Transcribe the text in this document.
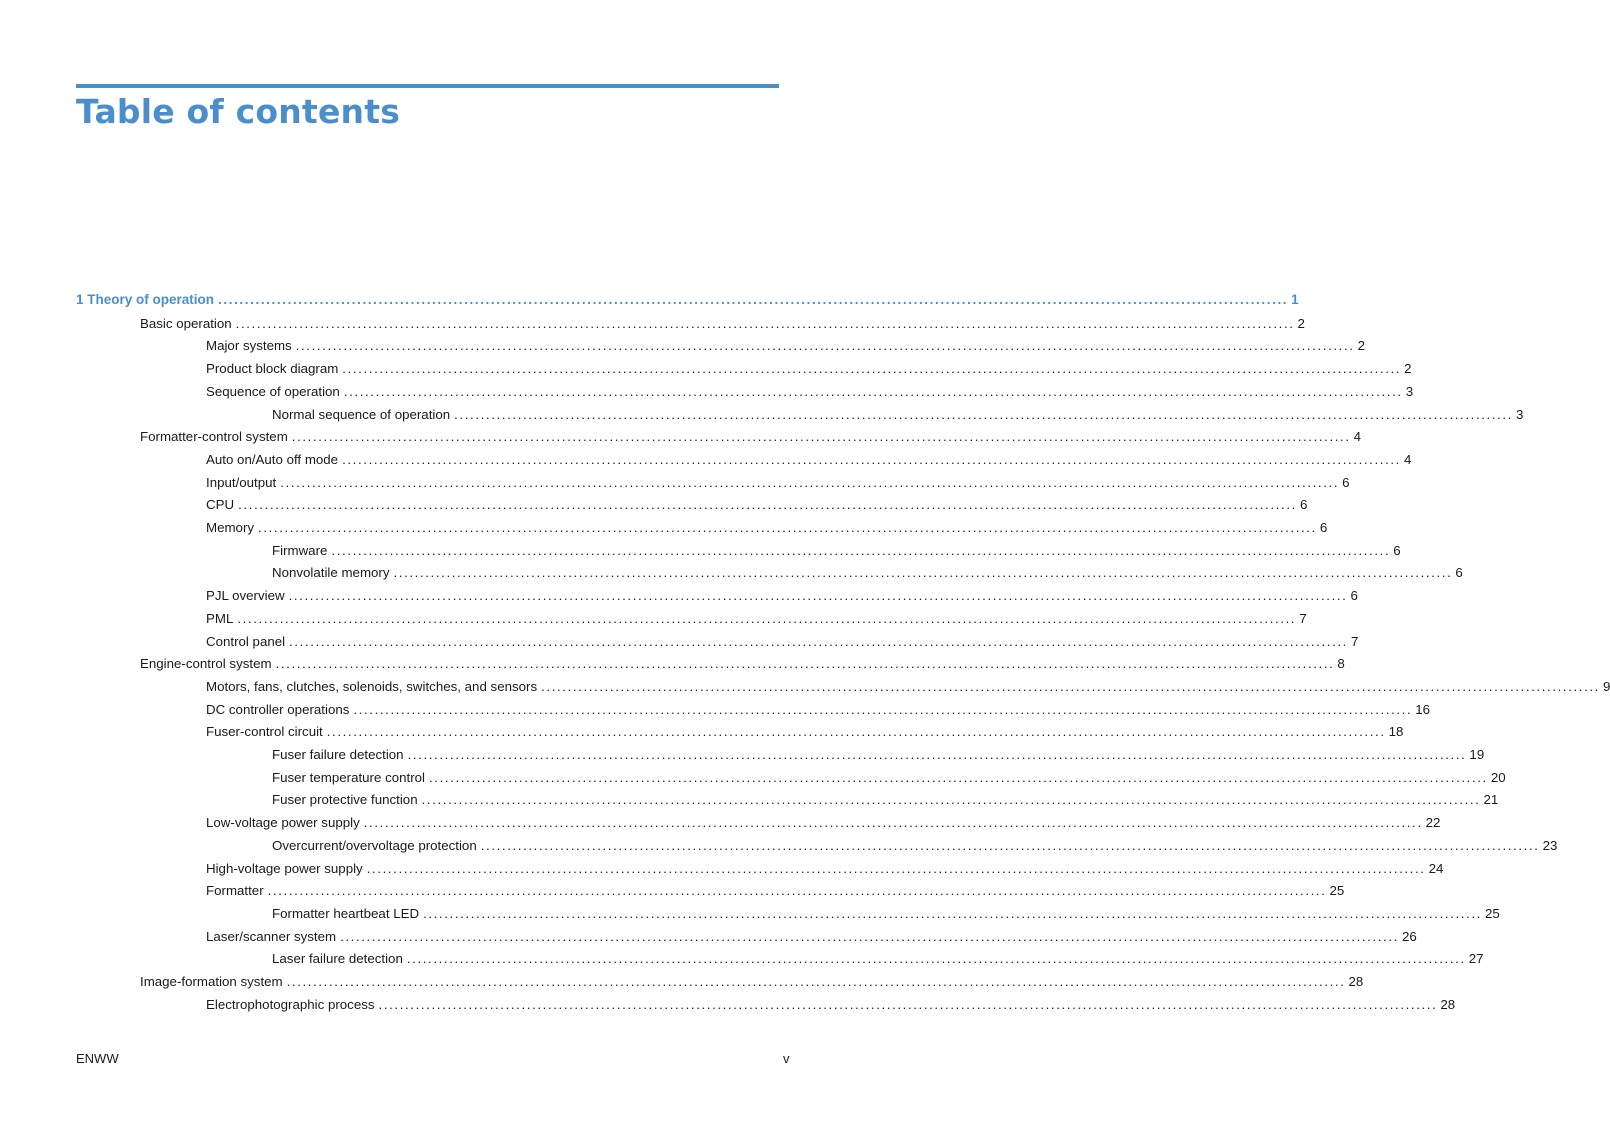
Table of contents
1 Theory of operation ........................................................................................................................................................................................................ 1
Basic operation ........................................................................................................................................................................................................ 2
Major systems ........................................................................................................................................................................................................ 2
Product block diagram ........................................................................................................................................................................................................ 2
Sequence of operation ........................................................................................................................................................................................................ 3
Normal sequence of operation ........................................................................................................................................................................................................ 3
Formatter-control system ........................................................................................................................................................................................................ 4
Auto on/Auto off mode ........................................................................................................................................................................................................ 4
Input/output ........................................................................................................................................................................................................ 6
CPU ........................................................................................................................................................................................................ 6
Memory ........................................................................................................................................................................................................ 6
Firmware ........................................................................................................................................................................................................ 6
Nonvolatile memory ........................................................................................................................................................................................................ 6
PJL overview ........................................................................................................................................................................................................ 6
PML ........................................................................................................................................................................................................ 7
Control panel ........................................................................................................................................................................................................ 7
Engine-control system ........................................................................................................................................................................................................ 8
Motors, fans, clutches, solenoids, switches, and sensors ........................................................................................................................................................................................................ 9
DC controller operations ........................................................................................................................................................................................................ 16
Fuser-control circuit ........................................................................................................................................................................................................ 18
Fuser failure detection ........................................................................................................................................................................................................ 19
Fuser temperature control ........................................................................................................................................................................................................ 20
Fuser protective function ........................................................................................................................................................................................................ 21
Low-voltage power supply ........................................................................................................................................................................................................ 22
Overcurrent/overvoltage protection ........................................................................................................................................................................................................ 23
High-voltage power supply ........................................................................................................................................................................................................ 24
Formatter ........................................................................................................................................................................................................ 25
Formatter heartbeat LED ........................................................................................................................................................................................................ 25
Laser/scanner system ........................................................................................................................................................................................................ 26
Laser failure detection ........................................................................................................................................................................................................ 27
Image-formation system ........................................................................................................................................................................................................ 28
Electrophotographic process ........................................................................................................................................................................................................ 28
ENWW	v
